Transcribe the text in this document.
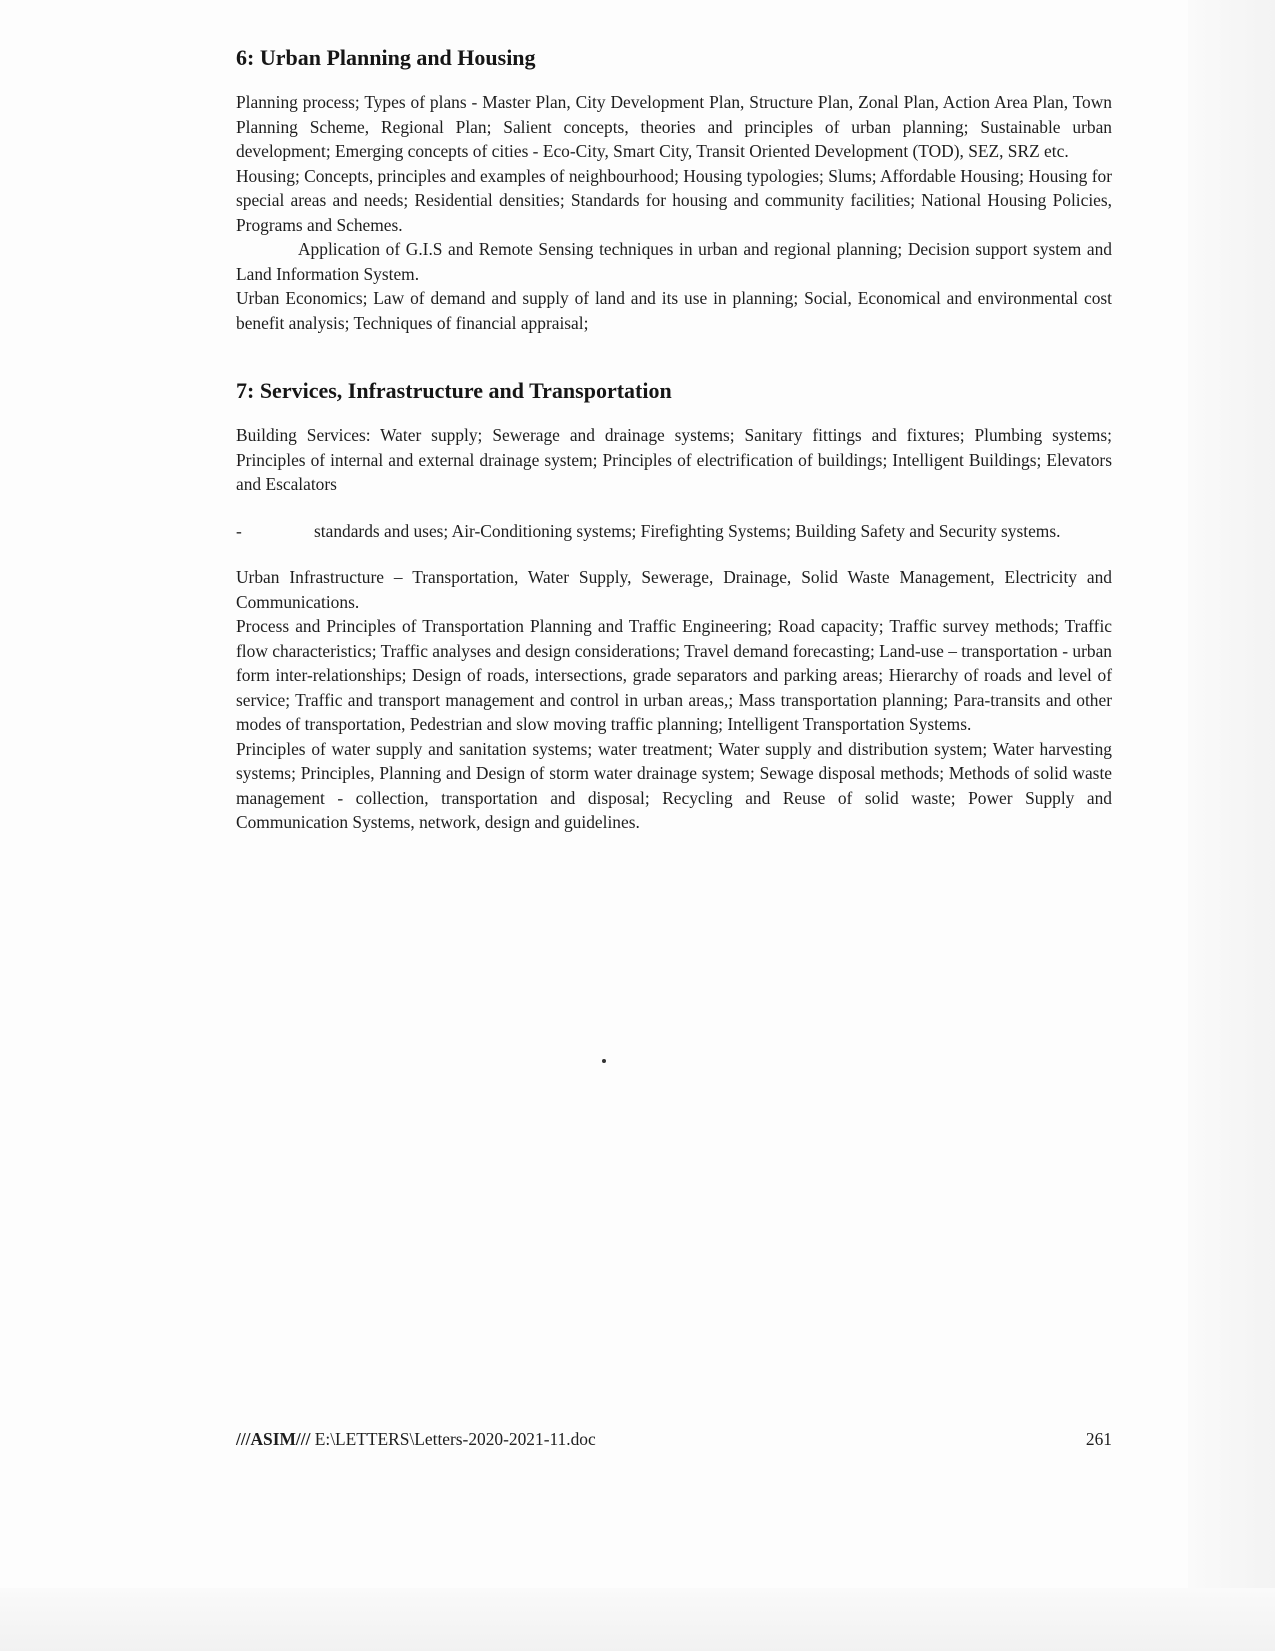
6: Urban Planning and Housing

Planning process; Types of plans - Master Plan, City Development Plan, Structure Plan, Zonal Plan, Action Area Plan, Town Planning Scheme, Regional Plan; Salient concepts, theories and principles of urban planning; Sustainable urban development; Emerging concepts of cities - Eco-City, Smart City, Transit Oriented Development (TOD), SEZ, SRZ etc.

Housing; Concepts, principles and examples of neighbourhood; Housing typologies; Slums; Affordable Housing; Housing for special areas and needs; Residential densities; Standards for housing and community facilities; National Housing Policies, Programs and Schemes.

Application of G.I.S and Remote Sensing techniques in urban and regional planning; Decision support system and Land Information System.

Urban Economics; Law of demand and supply of land and its use in planning; Social, Economical and environmental cost benefit analysis; Techniques of financial appraisal;

7: Services, Infrastructure and Transportation

Building Services: Water supply; Sewerage and drainage systems; Sanitary fittings and fixtures; Plumbing systems; Principles of internal and external drainage system; Principles of electrification of buildings; Intelligent Buildings; Elevators and Escalators

-	standards and uses; Air-Conditioning systems; Firefighting Systems; Building Safety and Security systems.

Urban Infrastructure – Transportation, Water Supply, Sewerage, Drainage, Solid Waste Management, Electricity and Communications.

Process and Principles of Transportation Planning and Traffic Engineering; Road capacity; Traffic survey methods; Traffic flow characteristics; Traffic analyses and design considerations; Travel demand forecasting; Land-use – transportation - urban form inter-relationships; Design of roads, intersections, grade separators and parking areas; Hierarchy of roads and level of service; Traffic and transport management and control in urban areas,; Mass transportation planning; Para-transits and other modes of transportation, Pedestrian and slow moving traffic planning; Intelligent Transportation Systems.

Principles of water supply and sanitation systems; water treatment; Water supply and distribution system; Water harvesting systems; Principles, Planning and Design of storm water drainage system; Sewage disposal methods; Methods of solid waste management - collection, transportation and disposal; Recycling and Reuse of solid waste; Power Supply and Communication Systems, network, design and guidelines.

///ASIM/// E:\LETTERS\Letters-2020-2021-11.doc	261
